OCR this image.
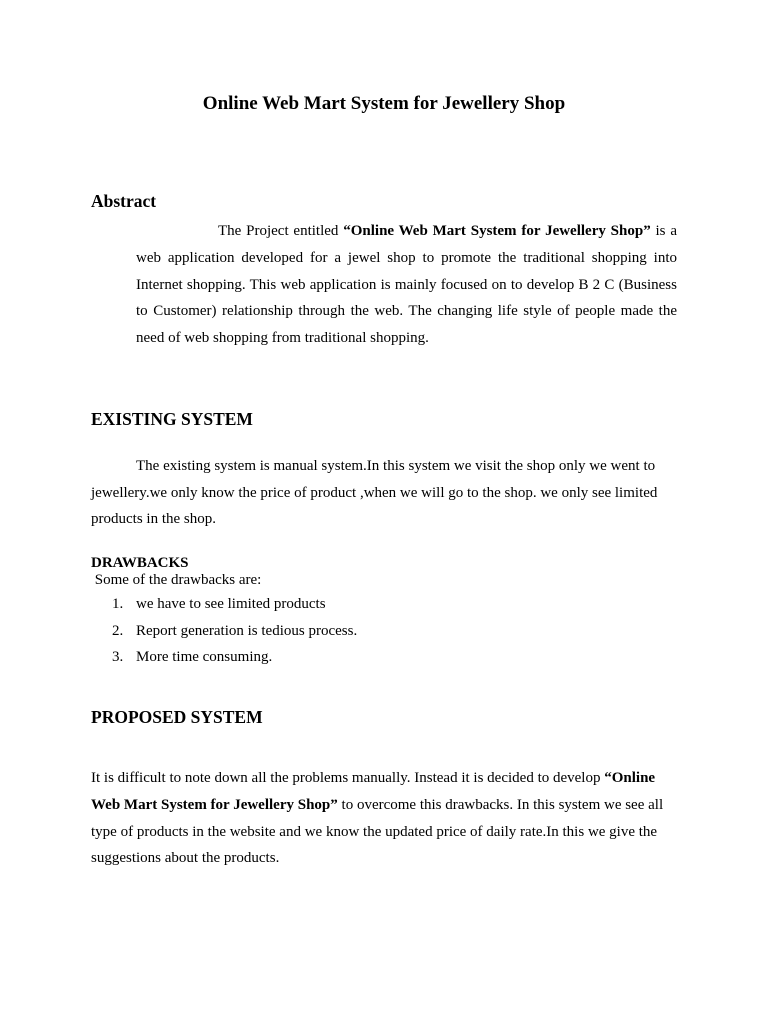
Online Web Mart System for Jewellery Shop
Abstract
The Project entitled “Online Web Mart System for Jewellery Shop” is a web application developed for a jewel shop to promote the traditional shopping into Internet shopping. This web application is mainly focused on to develop B 2 C (Business to Customer) relationship through the web. The changing life style of people made the need of web shopping from traditional shopping.
EXISTING SYSTEM
The existing system is manual system.In this system we visit the shop only we went to jewellery.we only know the price of product ,when we will go to the shop. we only see limited products in the shop.
DRAWBACKS
Some of the drawbacks are:
1. we have to see limited products
2. Report generation is tedious process.
3. More time consuming.
PROPOSED SYSTEM
It is difficult to note down all the problems manually. Instead it is decided to develop “Online Web Mart System for Jewellery Shop” to overcome this drawbacks. In this system we see all type of products in the website and we know the updated price of daily rate.In this we give the suggestions about the products.
